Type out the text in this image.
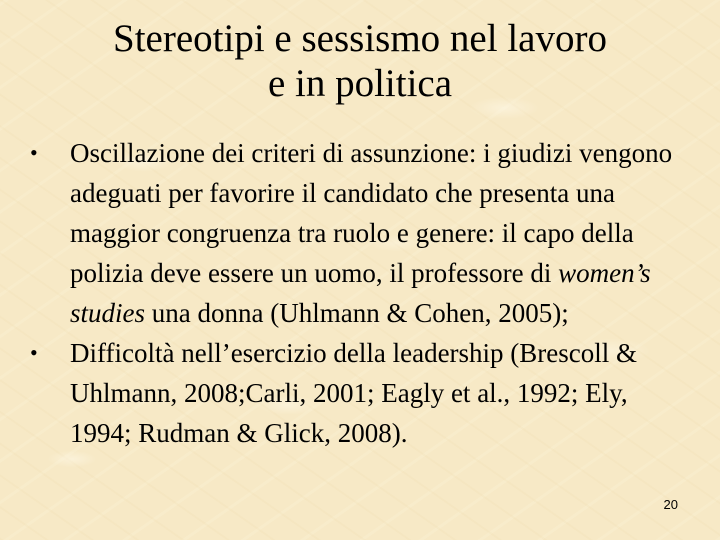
Stereotipi e sessismo nel lavoro
e in politica
•	Oscillazione dei criteri di assunzione: i giudizi vengono adeguati per favorire il candidato che presenta una maggior congruenza tra ruolo e genere: il capo della polizia deve essere un uomo, il professore di women’s studies una donna (Uhlmann & Cohen, 2005);
•	Difficoltà nell’esercizio della leadership (Brescoll & Uhlmann, 2008;Carli, 2001; Eagly et al., 1992; Ely, 1994; Rudman & Glick, 2008).
20
